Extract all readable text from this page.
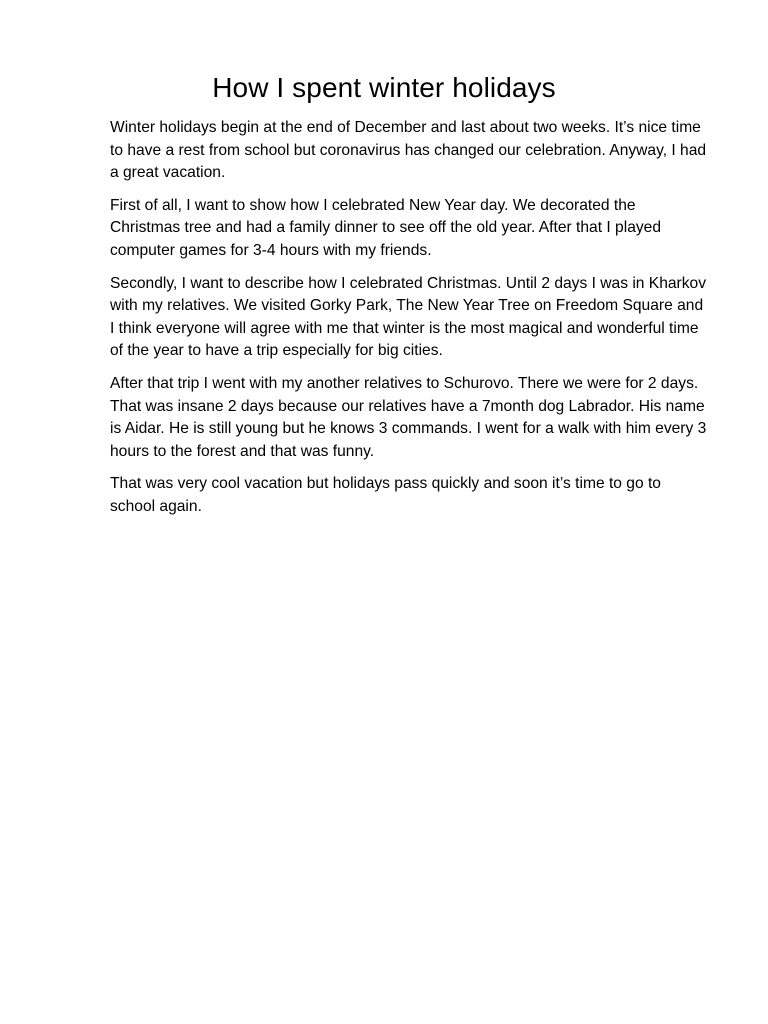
How I spent winter holidays

Winter holidays begin at the end of December and last about two weeks. It’s nice time to have a rest from school but coronavirus has changed our celebration. Anyway, I had a great vacation.

First of all, I want to show how I celebrated New Year day. We decorated the Christmas tree and had a family dinner to see off the old year. After that I played computer games for 3-4 hours with my friends.

Secondly, I want to describe how I celebrated Christmas. Until 2 days I was in Kharkov with my relatives. We visited Gorky Park, The New Year Tree on Freedom Square and I think everyone will agree with me that winter is the most magical and wonderful time of the year to have a trip especially for big cities.

After that trip I went with my another relatives to Schurovo. There we were for 2 days. That was insane 2 days because our relatives have a 7month dog Labrador. His name is Aidar. He is still young but he knows 3 commands. I went for a walk with him every 3 hours to the forest and that was funny.

That was very cool vacation but holidays pass quickly and soon it’s time to go to school again.
